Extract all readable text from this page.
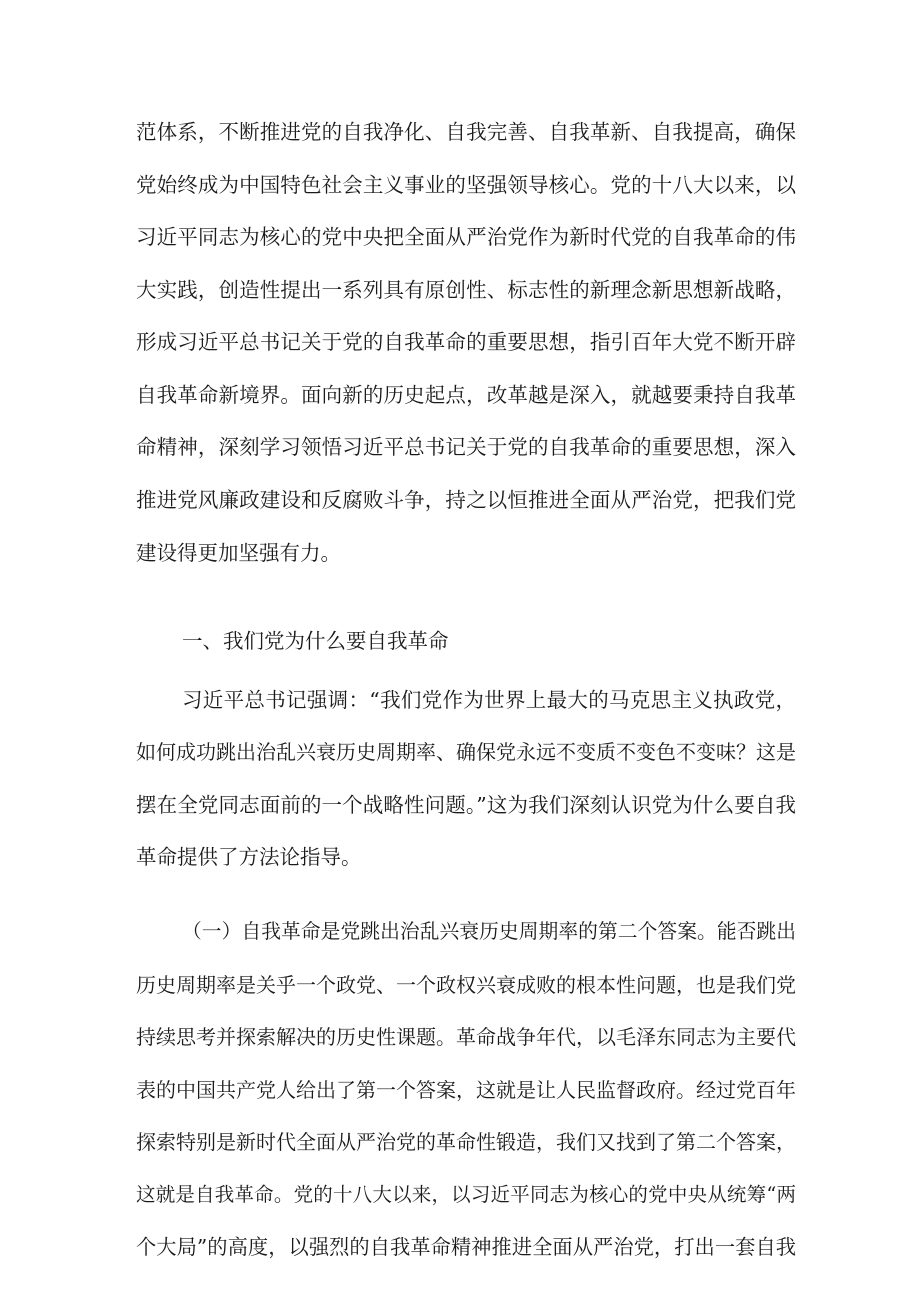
范体系，不断推进党的自我净化、自我完善、自我革新、自我提高，确保
党始终成为中国特色社会主义事业的坚强领导核心。党的十八大以来，以
习近平同志为核心的党中央把全面从严治党作为新时代党的自我革命的伟
大实践，创造性提出一系列具有原创性、标志性的新理念新思想新战略，
形成习近平总书记关于党的自我革命的重要思想，指引百年大党不断开辟
自我革命新境界。面向新的历史起点，改革越是深入，就越要秉持自我革
命精神，深刻学习领悟习近平总书记关于党的自我革命的重要思想，深入
推进党风廉政建设和反腐败斗争，持之以恒推进全面从严治党，把我们党
建设得更加坚强有力。
一、我们党为什么要自我革命
习近平总书记强调：“我们党作为世界上最大的马克思主义执政党，
如何成功跳出治乱兴衰历史周期率、确保党永远不变质不变色不变味？这是
摆在全党同志面前的一个战略性问题。”这为我们深刻认识党为什么要自我
革命提供了方法论指导。
（一）自我革命是党跳出治乱兴衰历史周期率的第二个答案。能否跳出
历史周期率是关乎一个政党、一个政权兴衰成败的根本性问题，也是我们党
持续思考并探索解决的历史性课题。革命战争年代，以毛泽东同志为主要代
表的中国共产党人给出了第一个答案，这就是让人民监督政府。经过党百年
探索特别是新时代全面从严治党的革命性锻造，我们又找到了第二个答案，
这就是自我革命。党的十八大以来，以习近平同志为核心的党中央从统筹“两
个大局”的高度，以强烈的自我革命精神推进全面从严治党，打出一套自我
